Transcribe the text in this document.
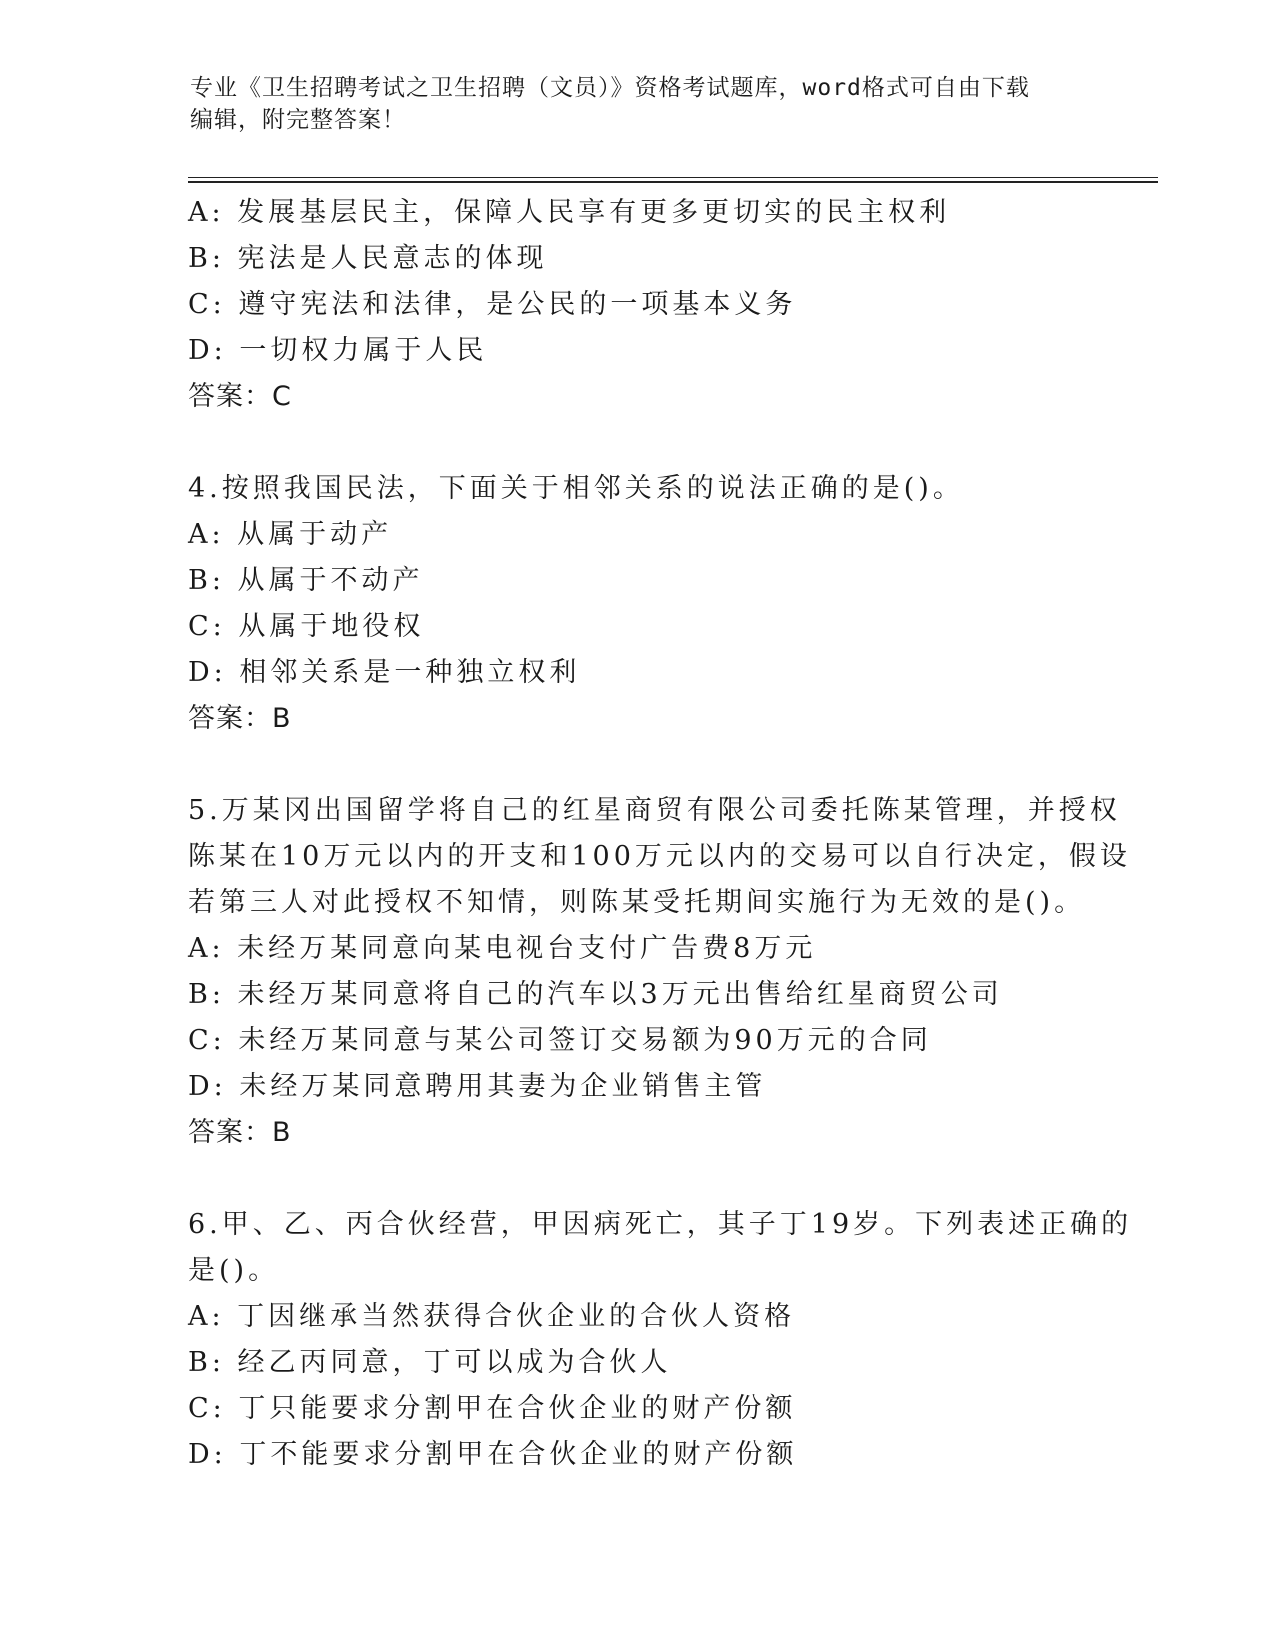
专业《卫生招聘考试之卫生招聘（文员）》资格考试题库，word格式可自由下载

编辑，附完整答案！

A: 发展基层民主，保障人民享有更多更切实的民主权利
B: 宪法是人民意志的体现
C: 遵守宪法和法律，是公民的一项基本义务
D: 一切权力属于人民
答案：C
4.按照我国民法，下面关于相邻关系的说法正确的是()。
A: 从属于动产
B: 从属于不动产
C: 从属于地役权
D: 相邻关系是一种独立权利
答案：B
5.万某冈出国留学将自己的红星商贸有限公司委托陈某管理，并授权
陈某在10万元以内的开支和100万元以内的交易可以自行决定，假设
若第三人对此授权不知情，则陈某受托期间实施行为无效的是()。
A: 未经万某同意向某电视台支付广告费8万元
B: 未经万某同意将自己的汽车以3万元出售给红星商贸公司
C: 未经万某同意与某公司签订交易额为90万元的合同
D: 未经万某同意聘用其妻为企业销售主管
答案：B
6.甲、乙、丙合伙经营，甲因病死亡，其子丁19岁。下列表述正确的
是()。
A: 丁因继承当然获得合伙企业的合伙人资格
B: 经乙丙同意，丁可以成为合伙人
C: 丁只能要求分割甲在合伙企业的财产份额
D: 丁不能要求分割甲在合伙企业的财产份额
